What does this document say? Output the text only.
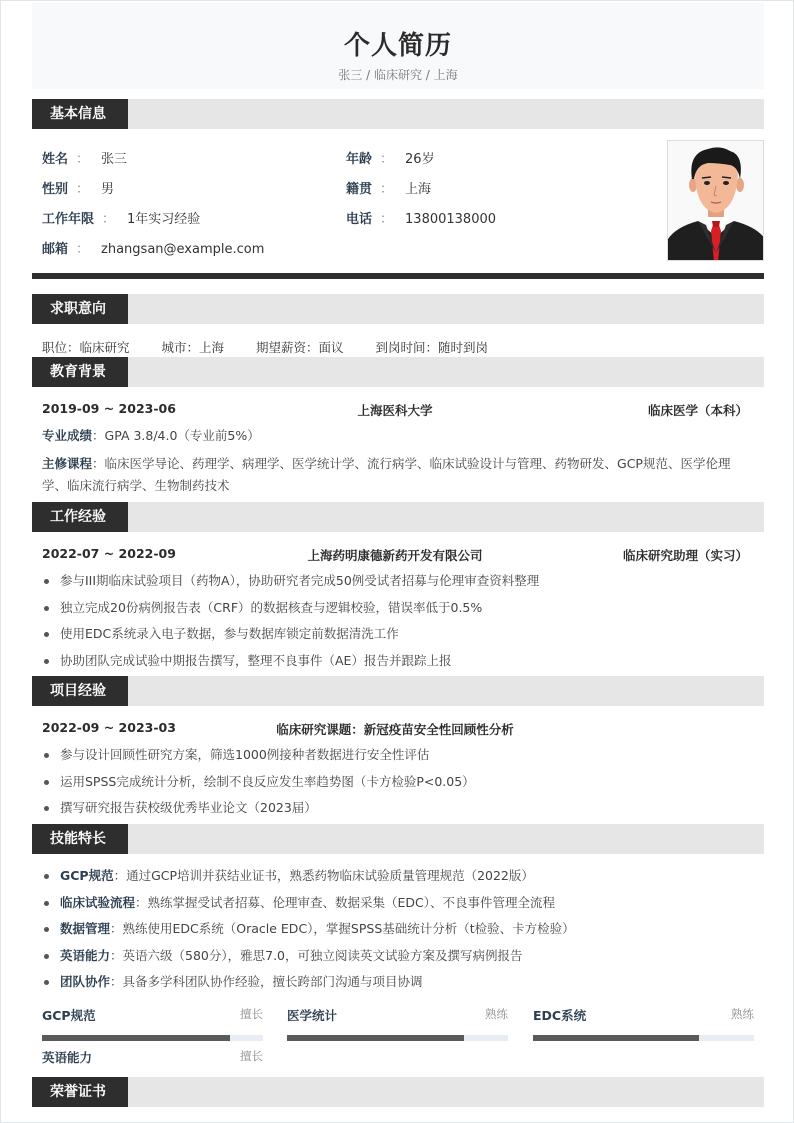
个人简历
张三 / 临床研究 / 上海
基本信息
姓名 ： 张三	年龄 ： 26岁
性别 ： 男	籍贯 ： 上海
工作年限 ： 1年实习经验	电话 ： 13800138000
邮箱 ： zhangsan@example.com
求职意向
职位：临床研究	城市：上海	期望薪资：面议	到岗时间：随时到岗
教育背景
2019-09 ~ 2023-06	上海医科大学	临床医学（本科）
专业成绩：GPA 3.8/4.0（专业前5%）
主修课程：临床医学导论、药理学、病理学、医学统计学、流行病学、临床试验设计与管理、药物研发、GCP规范、医学伦理学、临床流行病学、生物制药技术
工作经验
2022-07 ~ 2022-09	上海药明康德新药开发有限公司	临床研究助理（实习）
参与III期临床试验项目（药物A），协助研究者完成50例受试者招募与伦理审查资料整理
独立完成20份病例报告表（CRF）的数据核查与逻辑校验，错误率低于0.5%
使用EDC系统录入电子数据，参与数据库锁定前数据清洗工作
协助团队完成试验中期报告撰写，整理不良事件（AE）报告并跟踪上报
项目经验
2022-09 ~ 2023-03	临床研究课题：新冠疫苗安全性回顾性分析
参与设计回顾性研究方案，筛选1000例接种者数据进行安全性评估
运用SPSS完成统计分析，绘制不良反应发生率趋势图（卡方检验P<0.05）
撰写研究报告获校级优秀毕业论文（2023届）
技能特长
GCP规范：通过GCP培训并获结业证书，熟悉药物临床试验质量管理规范（2022版）
临床试验流程：熟练掌握受试者招募、伦理审查、数据采集（EDC）、不良事件管理全流程
数据管理：熟练使用EDC系统（Oracle EDC），掌握SPSS基础统计分析（t检验、卡方检验）
英语能力：英语六级（580分），雅思7.0，可独立阅读英文试验方案及撰写病例报告
团队协作：具备多学科团队协作经验，擅长跨部门沟通与项目协调
GCP规范	擅长 医学统计	熟练 EDC系统	熟练
英语能力	擅长
荣誉证书
